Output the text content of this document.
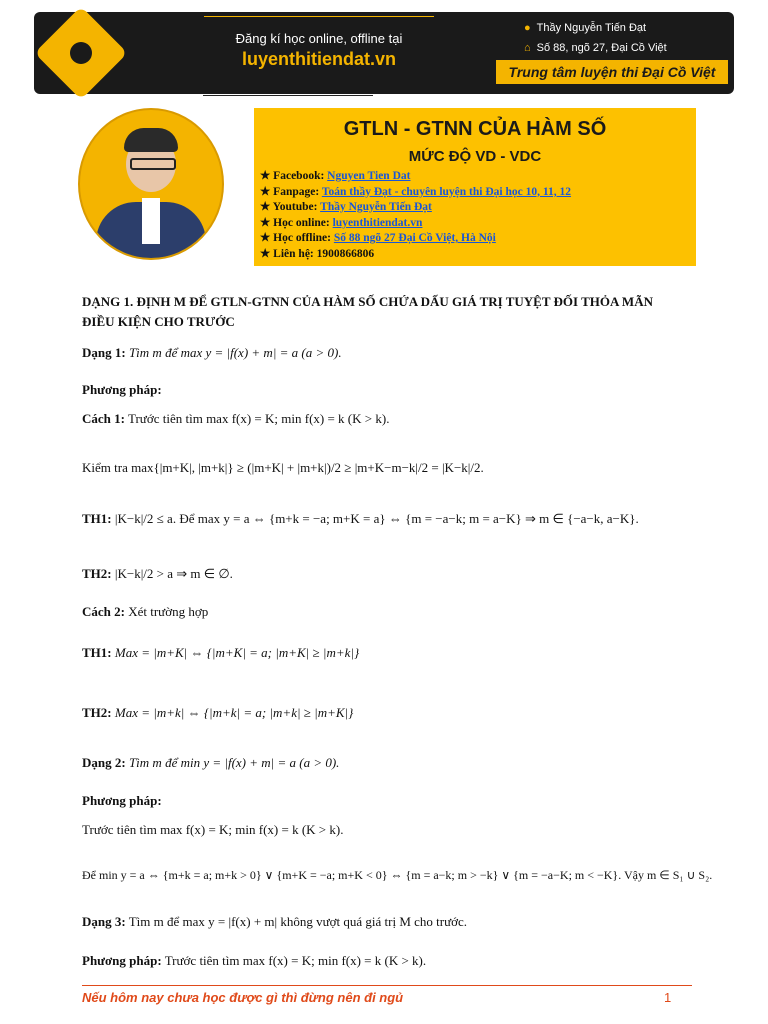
Đăng kí học online, offline tại
luyenthitiendat.vn
● Thầy Nguyễn Tiến Đạt
⌂ Số 88, ngõ 27, Đại Cồ Việt
Trung tâm luyện thi Đại Cồ Việt
GTLN - GTNN CỦA HÀM SỐ
MỨC ĐỘ VD - VDC
★ Facebook: Nguyen Tien Dat
★ Fanpage: Toán thầy Đạt - chuyên luyện thi Đại học 10, 11, 12
★ Youtube: Thầy Nguyễn Tiến Đạt
★ Học online: luyenthitiendat.vn
★ Học offline: Số 88 ngõ 27 Đại Cồ Việt, Hà Nội
★ Liên hệ: 1900866806
DẠNG 1. ĐỊNH M ĐỂ GTLN-GTNN CỦA HÀM SỐ CHỨA DẤU GIÁ TRỊ TUYỆT ĐỐI THỎA MÃN ĐIỀU KIỆN CHO TRƯỚC
Dạng 1: Tìm m để max y = |f(x) + m| = a (a > 0).
Phương pháp:
Cách 1: Trước tiên tìm max f(x) = K; min f(x) = k (K > k).
Kiểm tra max{|m+K|, |m+k|} ≥ (|m+K| + |m+k|)/2 ≥ |m+K−m−k|/2 = |K−k|/2.
TH1: |K−k|/2 ≤ a. Để max y = a ⇔ {m+k = −a; m+K = a} ⇔ {m = −a−k; m = a−K} ⇒ m ∈ {−a−k, a−K}.
TH2: |K−k|/2 > a ⇒ m ∈ ∅.
Cách 2: Xét trường hợp
TH1: Max = |m+K| ⇔ {|m+K| = a; |m+K| ≥ |m+k|}
TH2: Max = |m+k| ⇔ {|m+k| = a; |m+k| ≥ |m+K|}
Dạng 2: Tìm m để min y = |f(x) + m| = a (a > 0).
Phương pháp:
Trước tiên tìm max f(x) = K; min f(x) = k (K > k).
Để min y = a ⇔ {m+k = a; m+k > 0} ∨ {m+K = −a; m+K < 0} ⇔ {m = a−k; m > −k} ∨ {m = −a−K; m < −K}. Vậy m ∈ S₁ ∪ S₂.
Dạng 3: Tìm m để max y = |f(x) + m| không vượt quá giá trị M cho trước.
Phương pháp: Trước tiên tìm max f(x) = K; min f(x) = k (K > k).
Nếu hôm nay chưa học được gì thì đừng nên đi ngủ	1
